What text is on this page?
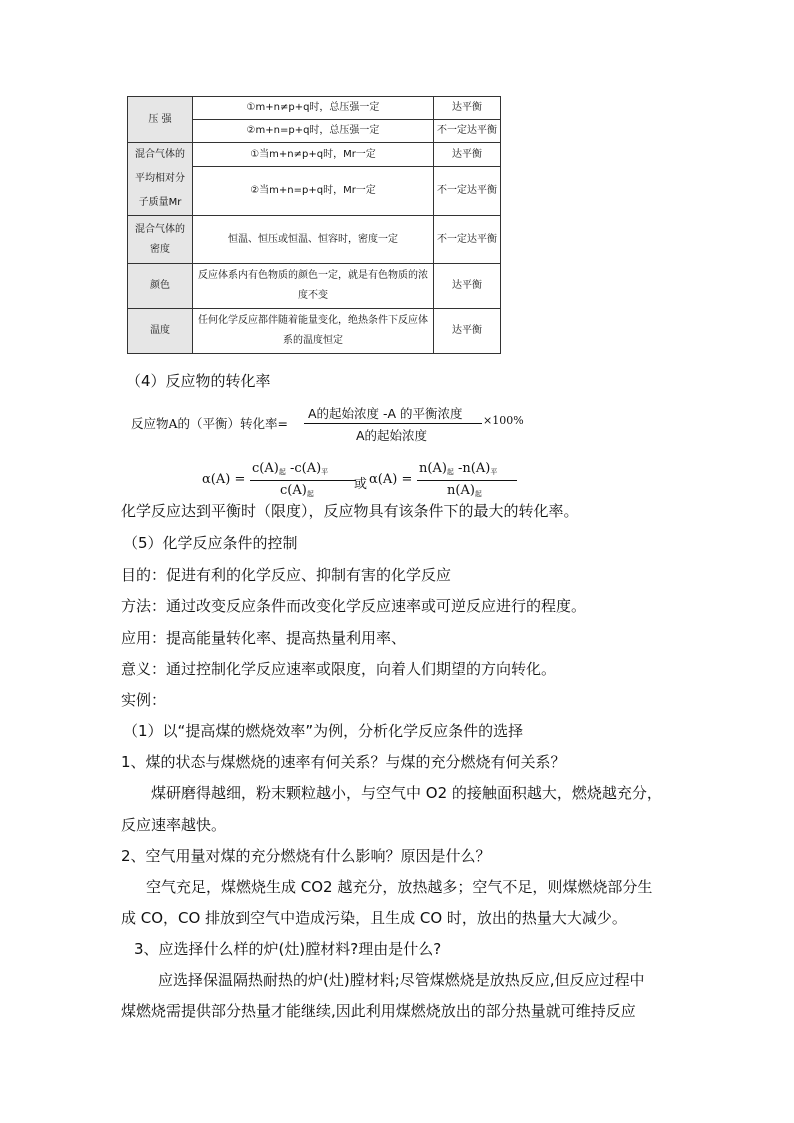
压 强	①m+n≠p+q时，总压强一定	达平衡
	②m+n=p+q时，总压强一定	不一定达平衡

混合气体的
平均相对分
子质量Mr	①当m+n≠p+q时，Mr一定	达平衡
	②当m+n=p+q时，Mr一定	不一定达平衡

混合气体的
密度	恒温、恒压或恒温、恒容时，密度一定	不一定达平衡
颜色	反应体系内有色物质的颜色一定，就是有色物质的浓度不变	达平衡
温度	任何化学反应都伴随着能量变化，绝热条件下反应体系的温度恒定	达平衡
（4）反应物的转化率
反应物A的（平衡）转化率=
A的起始浓度 -A 的平衡浓度
A的起始浓度
×100%
α(A) =
$c(A)_起$ $-c(A)_平$
$c(A)_起$
或 α(A) =
$n(A)_起$ $-n(A)_平$
$n(A)_起$
化学反应达到平衡时（限度），反应物具有该条件下的最大的转化率。
（5）化学反应条件的控制
目的：促进有利的化学反应、抑制有害的化学反应
方法：通过改变反应条件而改变化学反应速率或可逆反应进行的程度。
应用：提高能量转化率、提高热量利用率、
意义：通过控制化学反应速率或限度，向着人们期望的方向转化。
实例：
（1）以“提高煤的燃烧效率”为例，分析化学反应条件的选择
1、煤的状态与煤燃烧的速率有何关系？与煤的充分燃烧有何关系？
煤研磨得越细，粉末颗粒越小，与空气中 O2 的接触面积越大，燃烧越充分，
反应速率越快。
2、空气用量对煤的充分燃烧有什么影响？原因是什么？
空气充足，煤燃烧生成 CO2 越充分，放热越多；空气不足，则煤燃烧部分生
成 CO，CO 排放到空气中造成污染，且生成 CO 时，放出的热量大大减少。
3、应选择什么样的炉(灶)膛材料?理由是什么?
应选择保温隔热耐热的炉(灶)膛材料;尽管煤燃烧是放热反应,但反应过程中
煤燃烧需提供部分热量才能继续,因此利用煤燃烧放出的部分热量就可维持反应
